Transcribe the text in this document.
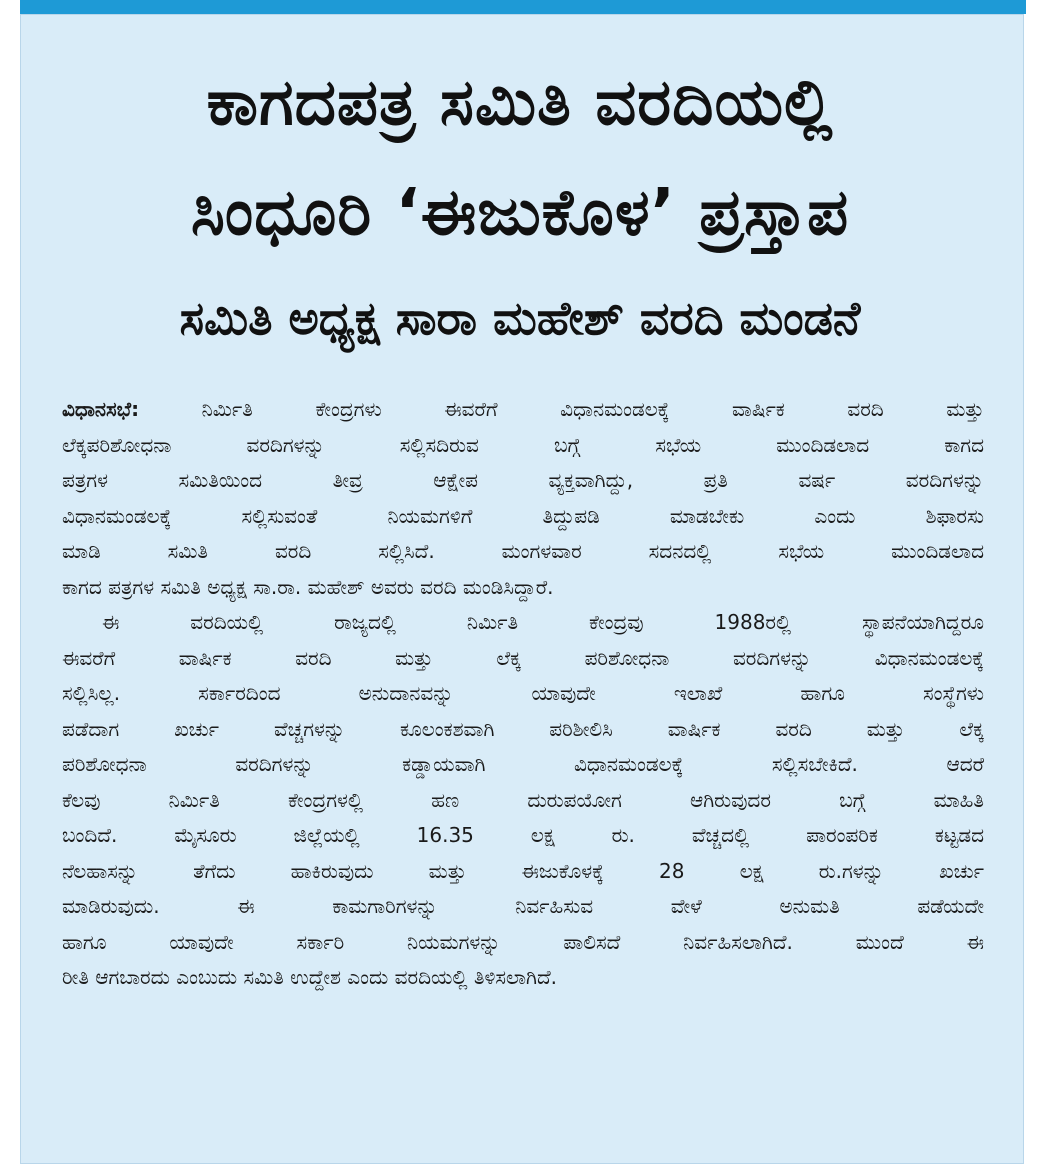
ಕಾಗದಪತ್ರ ಸಮಿತಿ ವರದಿಯಲ್ಲಿ
ಸಿಂಧೂರಿ ‘ಈಜುಕೊಳ’ ಪ್ರಸ್ತಾಪ
ಸಮಿತಿ ಅಧ್ಯಕ್ಷ ಸಾರಾ ಮಹೇಶ್ ವರದಿ ಮಂಡನೆ
ವಿಧಾನಸಭೆ: ನಿರ್ಮಿತಿ ಕೇಂದ್ರಗಳು ಈವರೆಗೆ ವಿಧಾನಮಂಡಲಕ್ಕೆ ವಾರ್ಷಿಕ ವರದಿ ಮತ್ತು
ಲೆಕ್ಕಪರಿಶೋಧನಾ ವರದಿಗಳನ್ನು ಸಲ್ಲಿಸದಿರುವ ಬಗ್ಗೆ ಸಭೆಯ ಮುಂದಿಡಲಾದ ಕಾಗದ
ಪತ್ರಗಳ ಸಮಿತಿಯಿಂದ ತೀವ್ರ ಆಕ್ಷೇಪ ವ್ಯಕ್ತವಾಗಿದ್ದು, ಪ್ರತಿ ವರ್ಷ ವರದಿಗಳನ್ನು
ವಿಧಾನಮಂಡಲಕ್ಕೆ ಸಲ್ಲಿಸುವಂತೆ ನಿಯಮಗಳಿಗೆ ತಿದ್ದುಪಡಿ ಮಾಡಬೇಕು ಎಂದು ಶಿಫಾರಸು
ಮಾಡಿ ಸಮಿತಿ ವರದಿ ಸಲ್ಲಿಸಿದೆ. ಮಂಗಳವಾರ ಸದನದಲ್ಲಿ ಸಭೆಯ ಮುಂದಿಡಲಾದ
ಕಾಗದ ಪತ್ರಗಳ ಸಮಿತಿ ಅಧ್ಯಕ್ಷ ಸಾ.ರಾ. ಮಹೇಶ್ ಅವರು ವರದಿ ಮಂಡಿಸಿದ್ದಾರೆ.
ಈ ವರದಿಯಲ್ಲಿ ರಾಜ್ಯದಲ್ಲಿ ನಿರ್ಮಿತಿ ಕೇಂದ್ರವು 1988ರಲ್ಲಿ ಸ್ಥಾಪನೆಯಾಗಿದ್ದರೂ
ಈವರೆಗೆ ವಾರ್ಷಿಕ ವರದಿ ಮತ್ತು ಲೆಕ್ಕ ಪರಿಶೋಧನಾ ವರದಿಗಳನ್ನು ವಿಧಾನಮಂಡಲಕ್ಕೆ
ಸಲ್ಲಿಸಿಲ್ಲ. ಸರ್ಕಾರದಿಂದ ಅನುದಾನವನ್ನು ಯಾವುದೇ ಇಲಾಖೆ ಹಾಗೂ ಸಂಸ್ಥೆಗಳು
ಪಡೆದಾಗ ಖರ್ಚು ವೆಚ್ಚಗಳನ್ನು ಕೂಲಂಕಶವಾಗಿ ಪರಿಶೀಲಿಸಿ ವಾರ್ಷಿಕ ವರದಿ ಮತ್ತು ಲೆಕ್ಕ
ಪರಿಶೋಧನಾ ವರದಿಗಳನ್ನು ಕಡ್ಡಾಯವಾಗಿ ವಿಧಾನಮಂಡಲಕ್ಕೆ ಸಲ್ಲಿಸಬೇಕಿದೆ. ಆದರೆ
ಕೆಲವು ನಿರ್ಮಿತಿ ಕೇಂದ್ರಗಳಲ್ಲಿ ಹಣ ದುರುಪಯೋಗ ಆಗಿರುವುದರ ಬಗ್ಗೆ ಮಾಹಿತಿ
ಬಂದಿದೆ. ಮೈಸೂರು ಜಿಲ್ಲೆಯಲ್ಲಿ 16.35 ಲಕ್ಷ ರು. ವೆಚ್ಚದಲ್ಲಿ ಪಾರಂಪರಿಕ ಕಟ್ಟಡದ
ನೆಲಹಾಸನ್ನು ತೆಗೆದು ಹಾಕಿರುವುದು ಮತ್ತು ಈಜುಕೊಳಕ್ಕೆ 28 ಲಕ್ಷ ರು.ಗಳನ್ನು ಖರ್ಚು
ಮಾಡಿರುವುದು. ಈ ಕಾಮಗಾರಿಗಳನ್ನು ನಿರ್ವಹಿಸುವ ವೇಳೆ ಅನುಮತಿ ಪಡೆಯದೇ
ಹಾಗೂ ಯಾವುದೇ ಸರ್ಕಾರಿ ನಿಯಮಗಳನ್ನು ಪಾಲಿಸದೆ ನಿರ್ವಹಿಸಲಾಗಿದೆ. ಮುಂದೆ ಈ
ರೀತಿ ಆಗಬಾರದು ಎಂಬುದು ಸಮಿತಿ ಉದ್ದೇಶ ಎಂದು ವರದಿಯಲ್ಲಿ ತಿಳಿಸಲಾಗಿದೆ.
